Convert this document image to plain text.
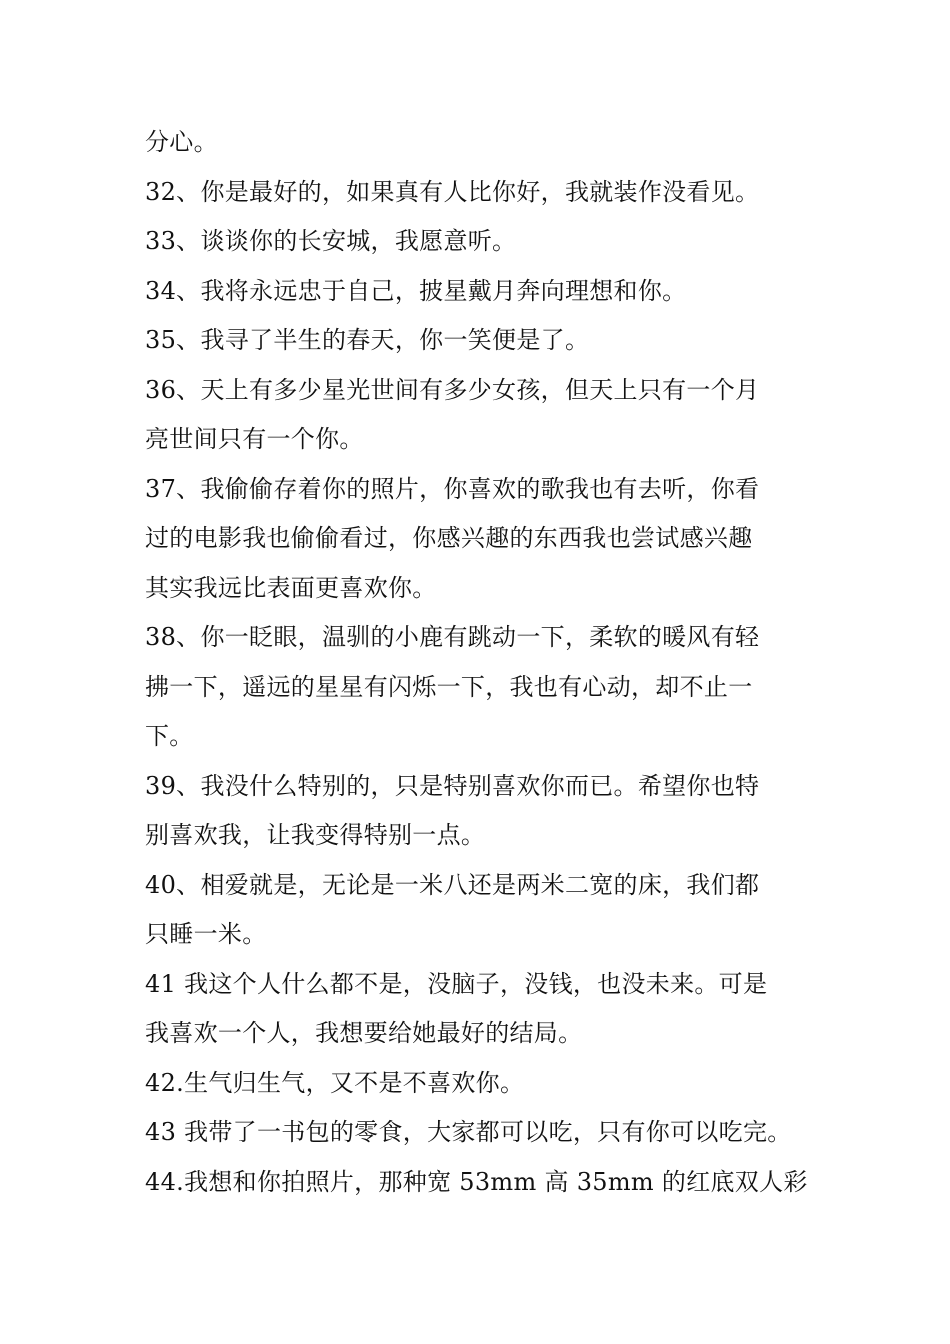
分心。

32、你是最好的，如果真有人比你好，我就装作没看见。

33、谈谈你的长安城，我愿意听。

34、我将永远忠于自己，披星戴月奔向理想和你。

35、我寻了半生的春天，你一笑便是了。

36、天上有多少星光世间有多少女孩，但天上只有一个月

亮世间只有一个你。

37、我偷偷存着你的照片，你喜欢的歌我也有去听，你看

过的电影我也偷偷看过，你感兴趣的东西我也尝试感兴趣

其实我远比表面更喜欢你。

38、你一眨眼，温驯的小鹿有跳动一下，柔软的暖风有轻

拂一下，遥远的星星有闪烁一下，我也有心动，却不止一

下。

39、我没什么特别的，只是特别喜欢你而已。希望你也特

别喜欢我，让我变得特别一点。

40、相爱就是，无论是一米八还是两米二宽的床，我们都

只睡一米。

41 我这个人什么都不是，没脑子，没钱，也没未来。可是

我喜欢一个人，我想要给她最好的结局。

42.生气归生气，又不是不喜欢你。

43 我带了一书包的零食，大家都可以吃，只有你可以吃完。

44.我想和你拍照片，那种宽 53mm 高 35mm 的红底双人彩
